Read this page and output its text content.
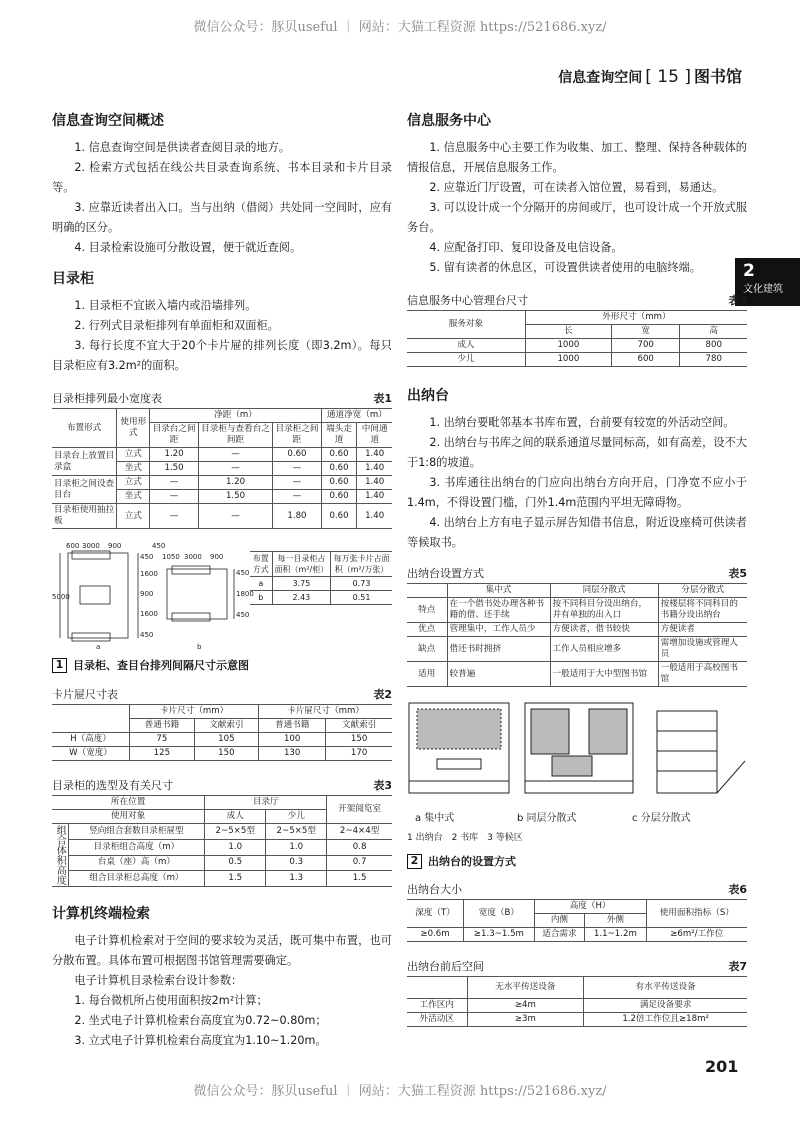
微信公众号：豚贝useful ｜ 网站：大猫工程资源 https://521686.xyz/
信息查询空间 [ 15 ] 图书馆
2
文化建筑
信息查询空间概述
1. 信息查询空间是供读者查阅目录的地方。
2. 检索方式包括在线公共目录查询系统、书本目录和卡片目录等。
3. 应靠近读者出入口。当与出纳（借阅）共处同一空间时，应有明确的区分。
4. 目录检索设施可分散设置，便于就近查阅。
目录柜
1. 目录柜不宜嵌入墙内或沿墙排列。
2. 行列式目录柜排列有单面柜和双面柜。
3. 每行长度不宜大于20个卡片屉的排列长度（即3.2m）。每只目录柜应有3.2m²的面积。
目录柜排列最小宽度表	表1
布置形式	使用形式	净距（m）			通道净宽（m）	
		目录台之间距	目录柜与查看台之间距	目录柜之间距	端头走道	中间通道
目录台上放置目录盒	立式	1.20	—	0.60	0.60	1.40
	坐式	1.50	—	—	0.60	1.40
目录柜之间设查目台	立式	—	1.20	—	0.60	1.40
	坐式	—	1.50	—	0.60	1.40
目录柜使用抽拉板	立式	—	—	1.80	0.60	1.40
600 3000 900
5000
1600
900
1600
450
450
450
1050 3000 900
450
1800
450
a	b
布置方式	每一目录柜占面积（m²/柜）	每万张卡片占面积（m²/万张）
a	3.75	0.73
b	2.43	0.51
1 目录柜、查目台排列间隔尺寸示意图
卡片屉尺寸表	表2
	卡片尺寸（mm）		卡片屉尺寸（mm）	
	普通书籍	文献索引	普通书籍	文献索引
H（高度）	75	105	100	150
W（宽度）	125	150	130	170
目录柜的选型及有关尺寸	表3
所在位置		目录厅		开架阅览室
使用对象		成人	少儿	
组合体积高度	竖向组合套数目录柜屉型	2~5×5型	2~5×5型	2~4×4型
	目录柜组合高度（m）	1.0	1.0	0.8
	台桌（座）高（m）	0.5	0.3	0.7
	组合目录柜总高度（m）	1.5	1.3	1.5
计算机终端检索
电子计算机检索对于空间的要求较为灵活，既可集中布置，也可分散布置。具体布置可根据图书馆管理需要确定。
电子计算机目录检索台设计参数：
1. 每台微机所占使用面积按2m²计算；
2. 坐式电子计算机检索台高度宜为0.72~0.80m；
3. 立式电子计算机检索台高度宜为1.10~1.20m。
信息服务中心
1. 信息服务中心主要工作为收集、加工、整理、保持各种载体的情报信息，开展信息服务工作。
2. 应靠近门厅设置，可在读者入馆位置，易看到，易通达。
3. 可以设计成一个分隔开的房间或厅，也可设计成一个开放式服务台。
4. 应配备打印、复印设备及电信设备。
5. 留有读者的休息区，可设置供读者使用的电脑终端。
信息服务中心管理台尺寸	表4
服务对象	外形尺寸（mm）		
	长	宽	高
成人	1000	700	800
少儿	1000	600	780
出纳台
1. 出纳台要毗邻基本书库布置，台前要有较宽的外活动空间。
2. 出纳台与书库之间的联系通道尽量同标高，如有高差，设不大于1:8的坡道。
3. 书库通往出纳台的门应向出纳台方向开启，门净宽不应小于1.4m，不得设置门槛，门外1.4m范围内平坦无障碍物。
4. 出纳台上方有电子显示屏告知借书信息，附近设座椅可供读者等候取书。
出纳台设置方式	表5
	集中式	同层分散式	分层分散式
特点	在一个借书处办理各种书籍的借、还手续	按不同科目分设出纳台，并有单独的出入口	按楼层将不同科目的书籍分设出纳台
优点	管理集中，工作人员少	方便读者，借书较快	方便读者
缺点	借还书时拥挤	工作人员相应增多	需增加设施或管理人员
适用	较普遍	一般适用于大中型图书馆	一般适用于高校图书馆
a 集中式	b 同层分散式	c 分层分散式
1 出纳台　2 书库　3 等候区
2 出纳台的设置方式
出纳台大小	表6
深度（T）	宽度（B）	高度（H）		使用面积指标（S）
		内侧	外侧	
≥0.6m	≥1.3~1.5m	适合需求	1.1~1.2m	≥6m²/工作位
出纳台前后空间	表7
	无水平传送设备	有水平传送设备
工作区内	≥4m	满足设备要求
外活动区	≥3m	1.2倍工作位且≥18m²
201
微信公众号：豚贝useful ｜ 网站：大猫工程资源 https://521686.xyz/
